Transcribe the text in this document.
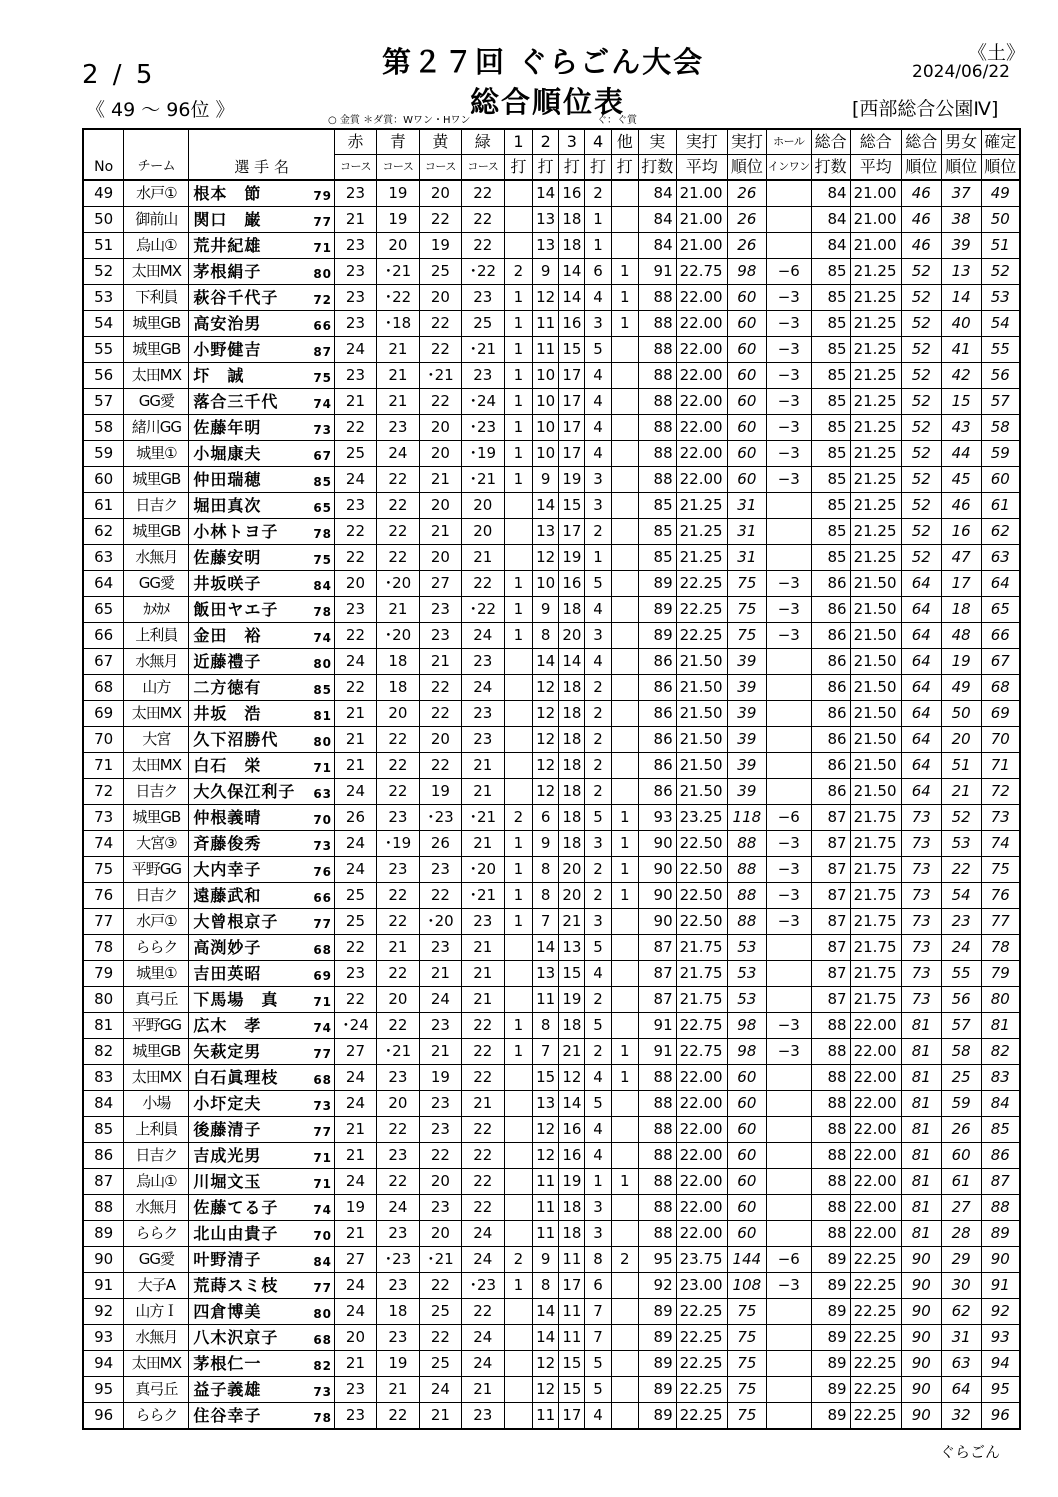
2 / 5
《 49 ～ 96位 》
第２７回 ぐらごん大会
総合順位表
○ 金賞 ＊ダ賞：Wワン・Hワン	ぐ：ぐ賞
《土》
2024/06/22
[西部総合公園Ⅳ]
No	チーム	選 手 名	赤	青	黄	緑	1	2	3	4	他	実	実打	実打	ホール	総合	総合	総合	男女	確定
			コース	コース	コース	コース	打	打	打	打	打	打数	平均	順位	インワン	打数	平均	順位	順位	順位
49	水戸①	根本　節 79	23	19	20	22		14	16	2		84	21.00	26		84	21.00	46	37	49
50	御前山	関口　巌 77	21	19	22	22		13	18	1		84	21.00	26		84	21.00	46	38	50
51	烏山①	荒井紀雄 71	23	20	19	22		13	18	1		84	21.00	26		84	21.00	46	39	51
52	太田MX	茅根絹子 80	23	･21	25	･22	2	9	14	6	1	91	22.75	98	−6	85	21.25	52	13	52
53	下利員	萩谷千代子 72	23	･22	20	23	1	12	14	4	1	88	22.00	60	−3	85	21.25	52	14	53
54	城里GB	高安治男 66	23	･18	22	25	1	11	16	3	1	88	22.00	60	−3	85	21.25	52	40	54
55	城里GB	小野健吉 87	24	21	22	･21	1	11	15	5		88	22.00	60	−3	85	21.25	52	41	55
56	太田MX	圷　誠 75	23	21	･21	23	1	10	17	4		88	22.00	60	−3	85	21.25	52	42	56
57	GG愛	落合三千代 74	21	21	22	･24	1	10	17	4		88	22.00	60	−3	85	21.25	52	15	57
58	緒川GG	佐藤年明 73	22	23	20	･23	1	10	17	4		88	22.00	60	−3	85	21.25	52	43	58
59	城里①	小堀康夫 67	25	24	20	･19	1	10	17	4		88	22.00	60	−3	85	21.25	52	44	59
60	城里GB	仲田瑞穂 85	24	22	21	･21	1	9	19	3		88	22.00	60	−3	85	21.25	52	45	60
61	日吉ク	堀田真次 65	23	22	20	20		14	15	3		85	21.25	31		85	21.25	52	46	61
62	城里GB	小林トヨ子 78	22	22	21	20		13	17	2		85	21.25	31		85	21.25	52	16	62
63	水無月	佐藤安明 75	22	22	20	21		12	19	1		85	21.25	31		85	21.25	52	47	63
64	GG愛	井坂咲子 84	20	･20	27	22	1	10	16	5		89	22.25	75	−3	86	21.50	64	17	64
65	ｶﾒｶﾒ	飯田ヤエ子 78	23	21	23	･22	1	9	18	4		89	22.25	75	−3	86	21.50	64	18	65
66	上利員	金田　裕 74	22	･20	23	24	1	8	20	3		89	22.25	75	−3	86	21.50	64	48	66
67	水無月	近藤禮子 80	24	18	21	23		14	14	4		86	21.50	39		86	21.50	64	19	67
68	山方	二方徳有 85	22	18	22	24		12	18	2		86	21.50	39		86	21.50	64	49	68
69	太田MX	井坂　浩 81	21	20	22	23		12	18	2		86	21.50	39		86	21.50	64	50	69
70	大宮	久下沼勝代 80	21	22	20	23		12	18	2		86	21.50	39		86	21.50	64	20	70
71	太田MX	白石　栄 71	21	22	22	21		12	18	2		86	21.50	39		86	21.50	64	51	71
72	日吉ク	大久保江利子 63	24	22	19	21		12	18	2		86	21.50	39		86	21.50	64	21	72
73	城里GB	仲根義晴 70	26	23	･23	･21	2	6	18	5	1	93	23.25	118	−6	87	21.75	73	52	73
74	大宮③	斉藤俊秀 73	24	･19	26	21	1	9	18	3	1	90	22.50	88	−3	87	21.75	73	53	74
75	平野GG	大内幸子 76	24	23	23	･20	1	8	20	2	1	90	22.50	88	−3	87	21.75	73	22	75
76	日吉ク	遠藤武和 66	25	22	22	･21	1	8	20	2	1	90	22.50	88	−3	87	21.75	73	54	76
77	水戸①	大曾根京子 77	25	22	･20	23	1	7	21	3		90	22.50	88	−3	87	21.75	73	23	77
78	ららク	高渕妙子 68	22	21	23	21		14	13	5		87	21.75	53		87	21.75	73	24	78
79	城里①	吉田英昭 69	23	22	21	21		13	15	4		87	21.75	53		87	21.75	73	55	79
80	真弓丘	下馬場　真 71	22	20	24	21		11	19	2		87	21.75	53		87	21.75	73	56	80
81	平野GG	広木　孝 74	･24	22	23	22	1	8	18	5		91	22.75	98	−3	88	22.00	81	57	81
82	城里GB	矢萩定男 77	27	･21	21	22	1	7	21	2	1	91	22.75	98	−3	88	22.00	81	58	82
83	太田MX	白石眞理枝 68	24	23	19	22		15	12	4	1	88	22.00	60		88	22.00	81	25	83
84	小場	小圷定夫 73	24	20	23	21		13	14	5		88	22.00	60		88	22.00	81	59	84
85	上利員	後藤清子 77	21	22	23	22		12	16	4		88	22.00	60		88	22.00	81	26	85
86	日吉ク	吉成光男 71	21	23	22	22		12	16	4		88	22.00	60		88	22.00	81	60	86
87	烏山①	川堀文玉 71	24	22	20	22		11	19	1	1	88	22.00	60		88	22.00	81	61	87
88	水無月	佐藤てる子 74	19	24	23	22		11	18	3		88	22.00	60		88	22.00	81	27	88
89	ららク	北山由貴子 70	21	23	20	24		11	18	3		88	22.00	60		88	22.00	81	28	89
90	GG愛	叶野清子 84	27	･23	･21	24	2	9	11	8	2	95	23.75	144	−6	89	22.25	90	29	90
91	大子A	荒蒔スミ枝 77	24	23	22	･23	1	8	17	6		92	23.00	108	−3	89	22.25	90	30	91
92	山方Ｉ	四倉博美 80	24	18	25	22		14	11	7		89	22.25	75		89	22.25	90	62	92
93	水無月	八木沢京子 68	20	23	22	24		14	11	7		89	22.25	75		89	22.25	90	31	93
94	太田MX	茅根仁一 82	21	19	25	24		12	15	5		89	22.25	75		89	22.25	90	63	94
95	真弓丘	益子義雄 73	23	21	24	21		12	15	5		89	22.25	75		89	22.25	90	64	95
96	ららク	住谷幸子 78	23	22	21	23		11	17	4		89	22.25	75		89	22.25	90	32	96
ぐらごん
